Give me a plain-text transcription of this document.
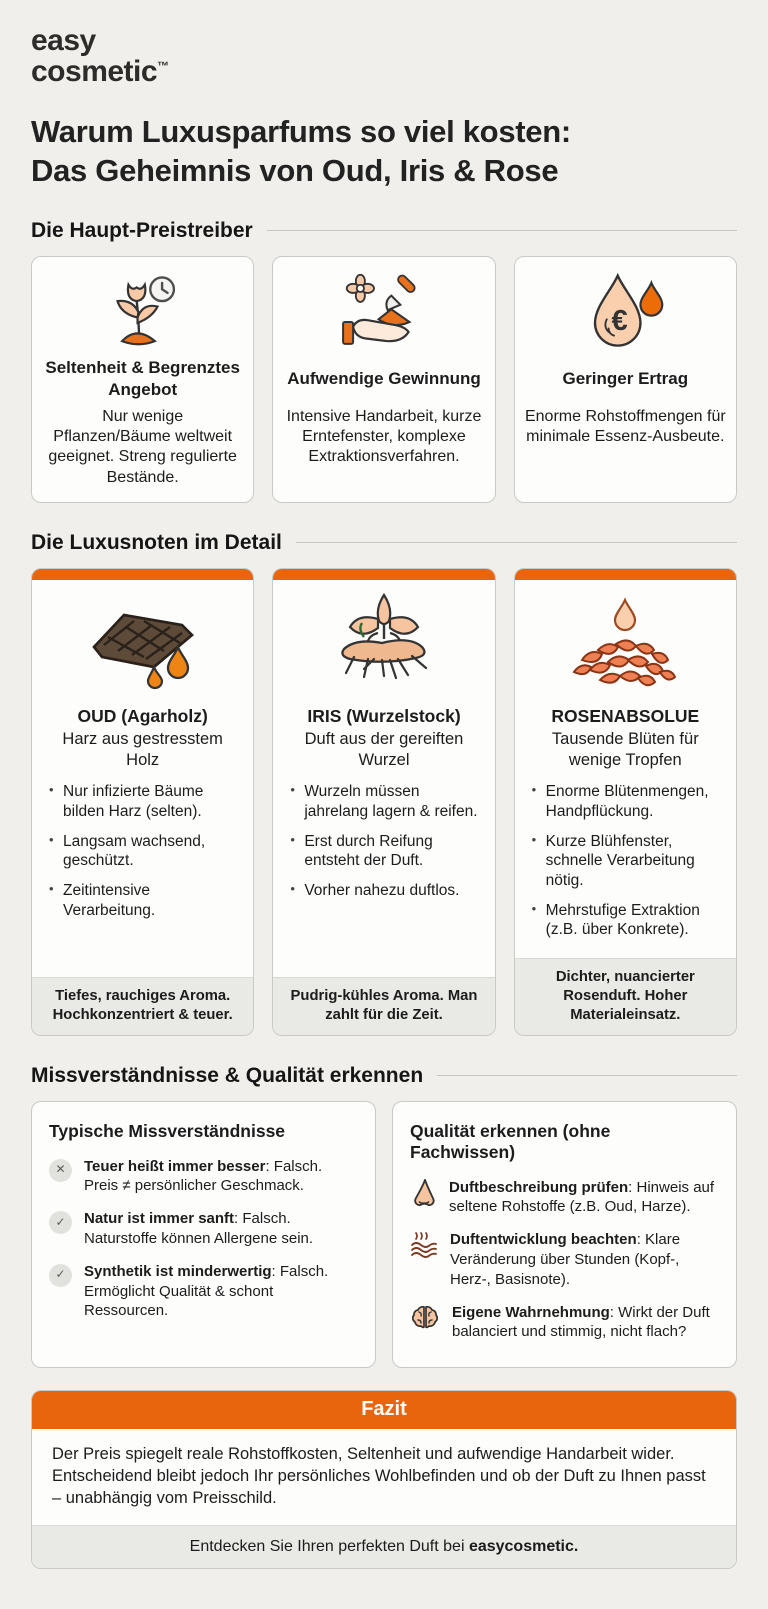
easy
cosmetic™
Warum Luxusparfums so viel kosten:
Das Geheimnis von Oud, Iris & Rose
Die Haupt-Preistreiber
Seltenheit & Begrenztes Angebot
Nur wenige Pflanzen/Bäume weltweit geeignet. Streng regulierte Bestände.
Aufwendige Gewinnung
Intensive Handarbeit, kurze Erntefenster, komplexe Extraktionsverfahren.
€
Geringer Ertrag
Enorme Rohstoffmengen für minimale Essenz-Ausbeute.
Die Luxusnoten im Detail
OUD (Agarholz)
Harz aus gestresstem Holz
• Nur infizierte Bäume bilden Harz (selten).
• Langsam wachsend, geschützt.
• Zeitintensive Verarbeitung.
Tiefes, rauchiges Aroma. Hochkonzentriert & teuer.
IRIS (Wurzelstock)
Duft aus der gereiften Wurzel
• Wurzeln müssen jahrelang lagern & reifen.
• Erst durch Reifung entsteht der Duft.
• Vorher nahezu duftlos.
Pudrig-kühles Aroma. Man zahlt für die Zeit.
ROSENABSOLUE
Tausende Blüten für wenige Tropfen
• Enorme Blütenmengen, Handpflückung.
• Kurze Blühfenster, schnelle Verarbeitung nötig.
• Mehrstufige Extraktion (z.B. über Konkrete).
Dichter, nuancierter Rosenduft. Hoher Materialeinsatz.
Missverständnisse & Qualität erkennen
Typische Missverständnisse
✕	Teuer heißt immer besser: Falsch. Preis ≠ persönlicher Geschmack.

✓	Natur ist immer sanft: Falsch. Naturstoffe können Allergene sein.

✓	Synthetik ist minderwertig: Falsch. Ermöglicht Qualität & schont Ressourcen.

Qualität erkennen (ohne Fachwissen)

Duftbeschreibung prüfen: Hinweis auf seltene Rohstoffe (z.B. Oud, Harze).

Duftentwicklung beachten: Klare Veränderung über Stunden (Kopf-, Herz-, Basisnote).

Eigene Wahrnehmung: Wirkt der Duft balanciert und stimmig, nicht flach?

Fazit

Der Preis spiegelt reale Rohstoffkosten, Seltenheit und aufwendige Handarbeit wider. Entscheidend bleibt jedoch Ihr persönliches Wohlbefinden und ob der Duft zu Ihnen passt – unabhängig vom Preisschild.

Entdecken Sie Ihren perfekten Duft bei easycosmetic.
